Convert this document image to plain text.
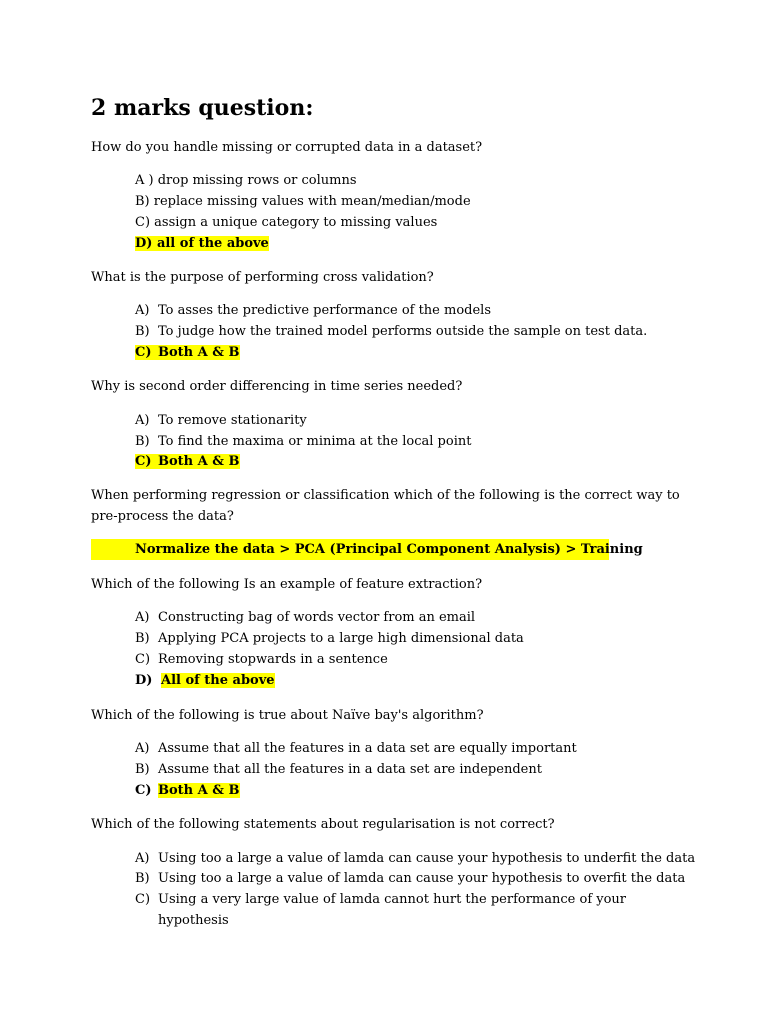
2 marks question:
How do you handle missing or corrupted data in a dataset?
A ) drop missing rows or columns
B) replace missing values with mean/median/mode
C) assign a unique category to missing values
D) all of the above
What is the purpose of performing cross validation?
A) To asses the predictive performance of the models
B) To judge how the trained model performs outside the sample on test data.
C) Both A & B
Why is second order differencing in time series needed?
A) To remove stationarity
B) To find the maxima or minima at the local point
C) Both A & B
When performing regression or classification which of the following is the correct way to
pre-process the data?
Normalize the data > PCA (Principal Component Analysis) > Training
Which of the following Is an example of feature extraction?
A) Constructing bag of words vector from an email
B) Applying PCA projects to a large high dimensional data
C) Removing stopwards in a sentence
D) All of the above
Which of the following is true about Naïve bay's algorithm?
A) Assume that all the features in a data set are equally important
B) Assume that all the features in a data set are independent
C) Both A & B
Which of the following statements about regularisation is not correct?
A) Using too a large a value of lamda can cause your hypothesis to underfit the data
B) Using too a large a value of lamda can cause your hypothesis to overfit the data
C) Using a very large value of lamda cannot hurt the performance of your
hypothesis
